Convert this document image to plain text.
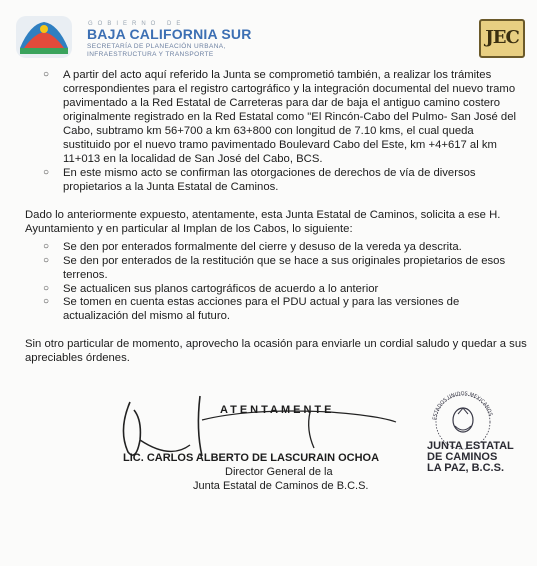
GOBIERNO DE
BAJA CALIFORNIA SUR
SECRETARÍA DE PLANEACIÓN URBANA,
INFRAESTRUCTURA Y TRANSPORTE
JEC
○ A partir del acto aquí referido la Junta se comprometió también, a realizar los trámites
correspondientes para el registro cartográfico y la integración documental del nuevo tramo
pavimentado a la Red Estatal de Carreteras para dar de baja el antiguo camino costero
originalmente registrado en la Red Estatal como "El Rincón-Cabo del Pulmo- San José del
Cabo, subtramo km 56+700 a km 63+800 con longitud de 7.10 kms, el cual queda
sustituido por el nuevo tramo pavimentado Boulevard Cabo del Este, km +4+617 al km
11+013 en la localidad de San José del Cabo, BCS.
○ En este mismo acto se confirman las otorgaciones de derechos de vía de diversos
propietarios a la Junta Estatal de Caminos.
Dado lo anteriormente expuesto, atentamente, esta Junta Estatal de Caminos, solicita a ese H.
Ayuntamiento y en particular al Implan de los Cabos, lo siguiente:
○ Se den por enterados formalmente del cierre y desuso de la vereda ya descrita.
○ Se den por enterados de la restitución que se hace a sus originales propietarios de esos
terrenos.
○ Se actualicen sus planos cartográficos de acuerdo a lo anterior
○ Se tomen en cuenta estas acciones para el PDU actual y para las versiones de
actualización del mismo al futuro.
Sin otro particular de momento, aprovecho la ocasión para enviarle un cordial saludo y quedar a sus
apreciables órdenes.
ATENTAMENTE
LIC. CARLOS ALBERTO DE LASCURAIN OCHOA
Director General de la
Junta Estatal de Caminos de B.C.S.
ESTADOS UNIDOS MEXICANOS
JUNTA ESTATAL
DE CAMINOS
LA PAZ, B.C.S.
